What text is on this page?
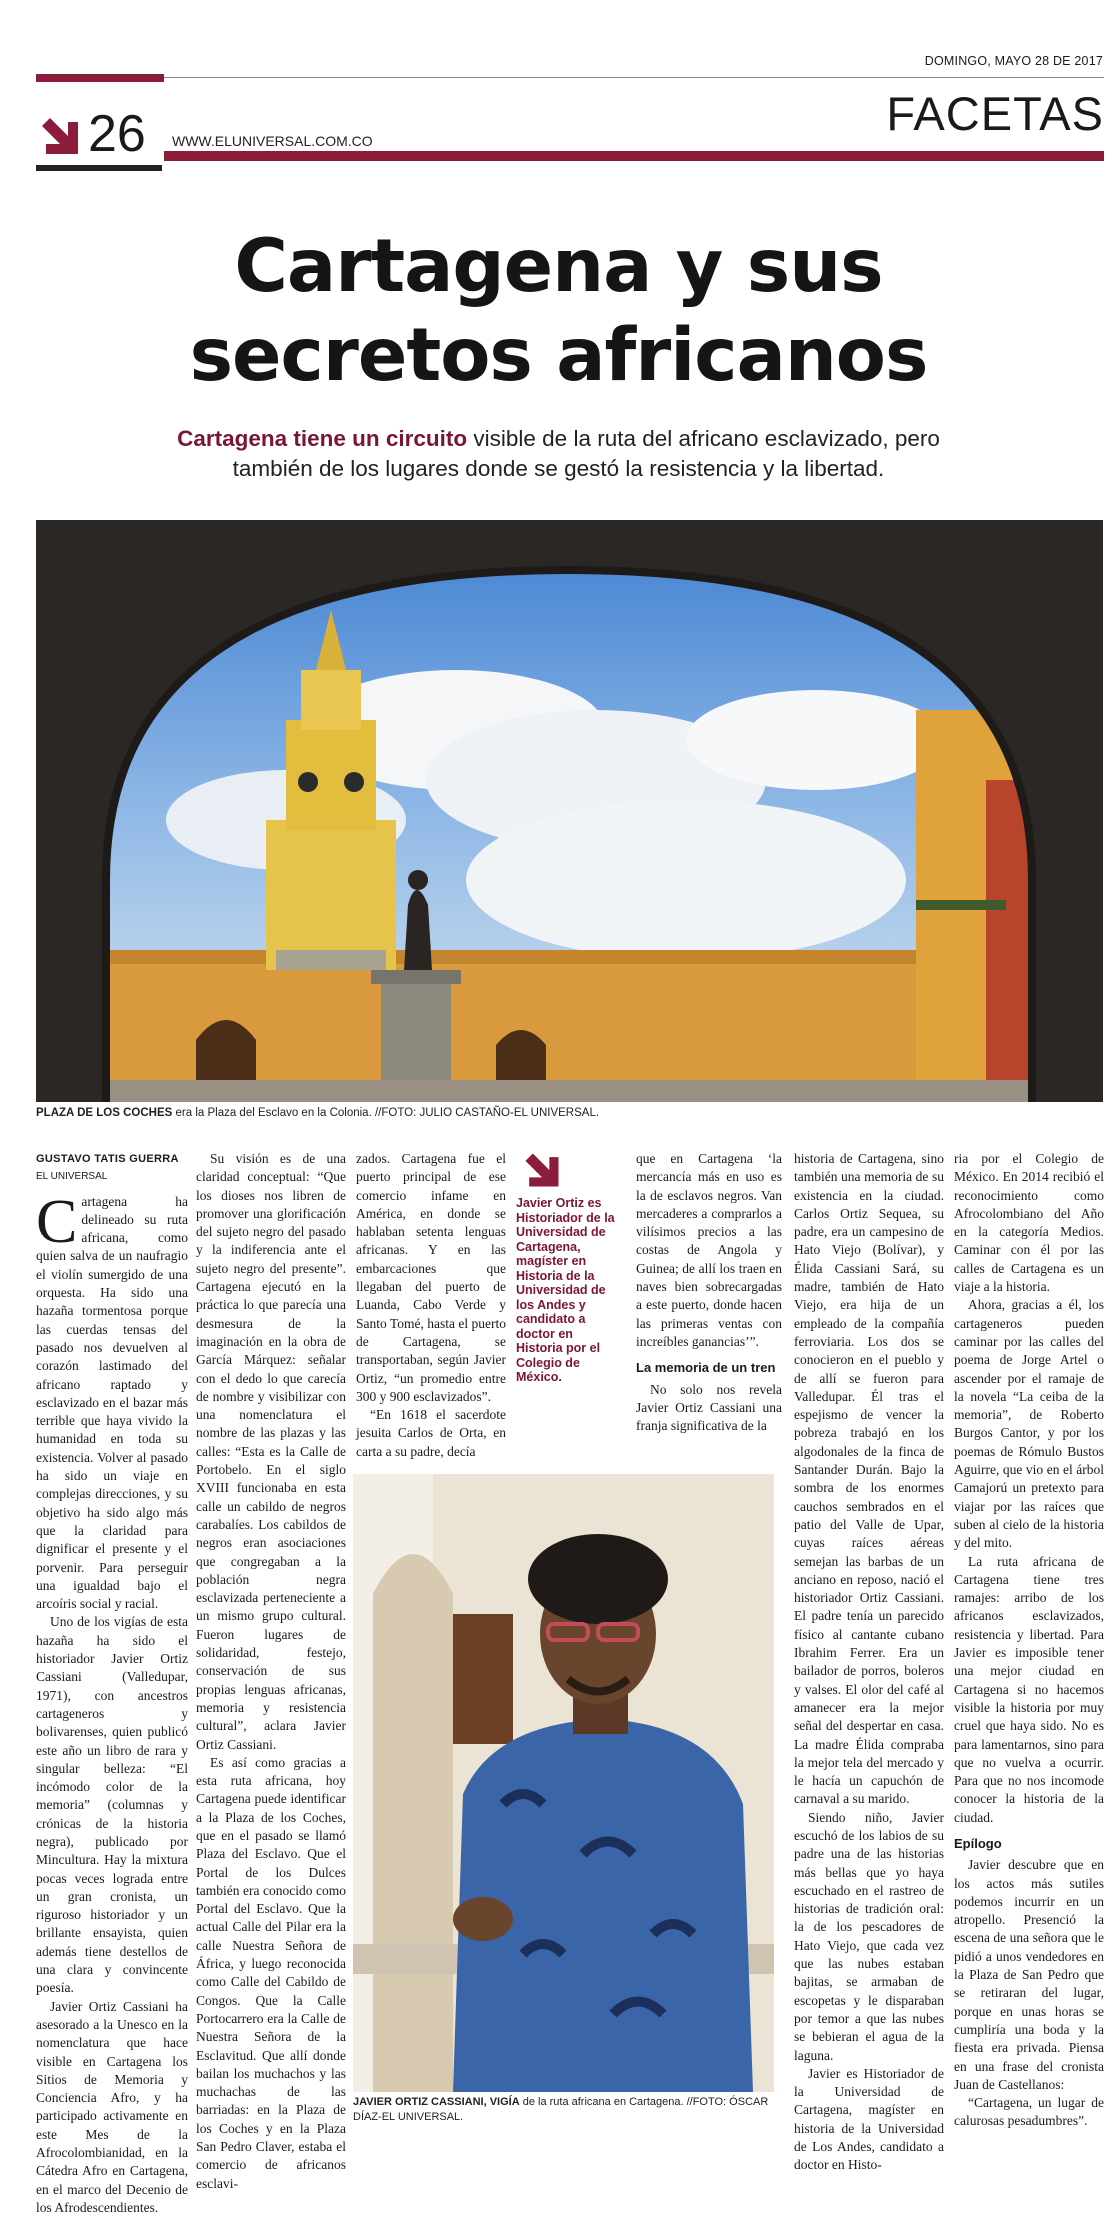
DOMINGO, MAYO 28 DE 2017
FACETAS
26 WWW.ELUNIVERSAL.COM.CO
Cartagena y sus
secretos africanos
Cartagena tiene un circuito visible de la ruta del africano esclavizado, pero
también de los lugares donde se gestó la resistencia y la libertad.
PLAZA DE LOS COCHES era la Plaza del Esclavo en la Colonia. //FOTO: JULIO CASTAÑO-EL UNIVERSAL.
GUSTAVO TATIS GUERRA
EL UNIVERSAL

Cartagena ha delineado su ruta africana, como quien salva de un naufragio el violín sumergido de una orquesta. Ha sido una hazaña tormentosa porque las cuerdas tensas del pasado nos devuelven al corazón lastimado del africano raptado y esclavizado en el bazar más terrible que haya vivido la humanidad en toda su existencia. Volver al pasado ha sido un viaje en complejas direcciones, y su objetivo ha sido algo más que la claridad para dignificar el presente y el porvenir. Para perseguir una igualdad bajo el arcoíris social y racial.

Uno de los vigías de esta hazaña ha sido el historiador Javier Ortiz Cassiani (Valledupar, 1971), con ancestros cartageneros y bolivarenses, quien publicó este año un libro de rara y singular belleza: “El incómodo color de la memoria” (columnas y crónicas de la historia negra), publicado por Mincultura. Hay la mixtura pocas veces lograda entre un gran cronista, un riguroso historiador y un brillante ensayista, quien además tiene destellos de una clara y convincente poesía.

Javier Ortiz Cassiani ha asesorado a la Unesco en la nomenclatura que hace visible en Cartagena los Sitios de Memoria y Conciencia Afro, y ha participado activamente en este Mes de la Afrocolombianidad, en la Cátedra Afro en Cartagena, en el marco del Decenio de los Afrodescendientes.

Su visión es de una claridad conceptual: “Que los dioses nos libren de promover una glorificación del sujeto negro del pasado y la indiferencia ante el sujeto negro del presente”. Cartagena ejecutó en la práctica lo que parecía una desmesura de la imaginación en la obra de García Márquez: señalar con el dedo lo que carecía de nombre y visibilizar con una nomenclatura el nombre de las plazas y las calles: “Esta es la Calle de Portobelo. En el siglo XVIII funcionaba en esta calle un cabildo de negros carabalíes. Los cabildos de negros eran asociaciones que congregaban a la población negra esclavizada perteneciente a un mismo grupo cultural. Fueron lugares de solidaridad, festejo, conservación de sus propias lenguas africanas, memoria y resistencia cultural”, aclara Javier Ortiz Cassiani.

Es así como gracias a esta ruta africana, hoy Cartagena puede identificar a la Plaza de los Coches, que en el pasado se llamó Plaza del Esclavo. Que el Portal de los Dulces también era conocido como Portal del Esclavo. Que la actual Calle del Pilar era la calle Nuestra Señora de África, y luego reconocida como Calle del Cabildo de Congos. Que la Calle Portocarrero era la Calle de Nuestra Señora de la Esclavitud. Que allí donde bailan los muchachos y las muchachas de las barriadas: en la Plaza de los Coches y en la Plaza San Pedro Claver, estaba el comercio de africanos esclavi-

zados. Cartagena fue el puerto principal de ese comercio infame en América, en donde se hablaban setenta lenguas africanas. Y en las embarcaciones que llegaban del puerto de Luanda, Cabo Verde y Santo Tomé, hasta el puerto de Cartagena, se transportaban, según Javier Ortiz, “un promedio entre 300 y 900 esclavizados”.

“En 1618 el sacerdote jesuita Carlos de Orta, en carta a su padre, decía

Javier Ortiz es Historiador de la Universidad de Cartagena, magíster en Historia de la Universidad de los Andes y candidato a doctor en Historia por el Colegio de México.

que en Cartagena ‘la mercancía más en uso es la de esclavos negros. Van mercaderes a comprarlos a vilísimos precios a las costas de Angola y Guinea; de allí los traen en naves bien sobrecargadas a este puerto, donde hacen las primeras ventas con increíbles ganancias’”.

La memoria de un tren

No solo nos revela Javier Ortiz Cassiani una franja significativa de la

historia de Cartagena, sino también una memoria de su existencia en la ciudad. Carlos Ortiz Sequea, su padre, era un campesino de Hato Viejo (Bolívar), y Élida Cassiani Sará, su madre, también de Hato Viejo, era hija de un empleado de la compañía ferroviaria. Los dos se conocieron en el pueblo y de allí se fueron para Valledupar. Él tras el espejismo de vencer la pobreza trabajó en los algodonales de la finca de Santander Durán. Bajo la sombra de los enormes cauchos sembrados en el patio del Valle de Upar, cuyas raíces aéreas semejan las barbas de un anciano en reposo, nació el historiador Ortiz Cassiani. El padre tenía un parecido físico al cantante cubano Ibrahim Ferrer. Era un bailador de porros, boleros y valses. El olor del café al amanecer era la mejor señal del despertar en casa. La madre Élida compraba la mejor tela del mercado y le hacía un capuchón de carnaval a su marido.

Siendo niño, Javier escuchó de los labios de su padre una de las historias más bellas que yo haya escuchado en el rastreo de historias de tradición oral: la de los pescadores de Hato Viejo, que cada vez que las nubes estaban bajitas, se armaban de escopetas y le disparaban por temor a que las nubes se bebieran el agua de la laguna.

Javier es Historiador de la Universidad de Cartagena, magíster en historia de la Universidad de Los Andes, candidato a doctor en Histo-

ria por el Colegio de México. En 2014 recibió el reconocimiento como Afrocolombiano del Año en la categoría Medios. Caminar con él por las calles de Cartagena es un viaje a la historia.

Ahora, gracias a él, los cartageneros pueden caminar por las calles del poema de Jorge Artel o ascender por el ramaje de la novela “La ceiba de la memoria”, de Roberto Burgos Cantor, y por los poemas de Rómulo Bustos Aguirre, que vio en el árbol Camajorú un pretexto para viajar por las raíces que suben al cielo de la historia y del mito.

La ruta africana de Cartagena tiene tres ramajes: arribo de los africanos esclavizados, resistencia y libertad. Para Javier es imposible tener una mejor ciudad en Cartagena si no hacemos visible la historia por muy cruel que haya sido. No es para lamentarnos, sino para que no vuelva a ocurrir. Para que no nos incomode conocer la historia de la ciudad.

Epílogo

Javier descubre que en los actos más sutiles podemos incurrir en un atropello. Presenció la escena de una señora que le pidió a unos vendedores en la Plaza de San Pedro que se retiraran del lugar, porque en unas horas se cumpliría una boda y la fiesta era privada. Piensa en una frase del cronista Juan de Castellanos:

“Cartagena, un lugar de calurosas pesadumbres”.

JAVIER ORTIZ CASSIANI, VIGÍA de la ruta africana en Cartagena. //FOTO: ÓSCAR DÍAZ-EL UNIVERSAL.
